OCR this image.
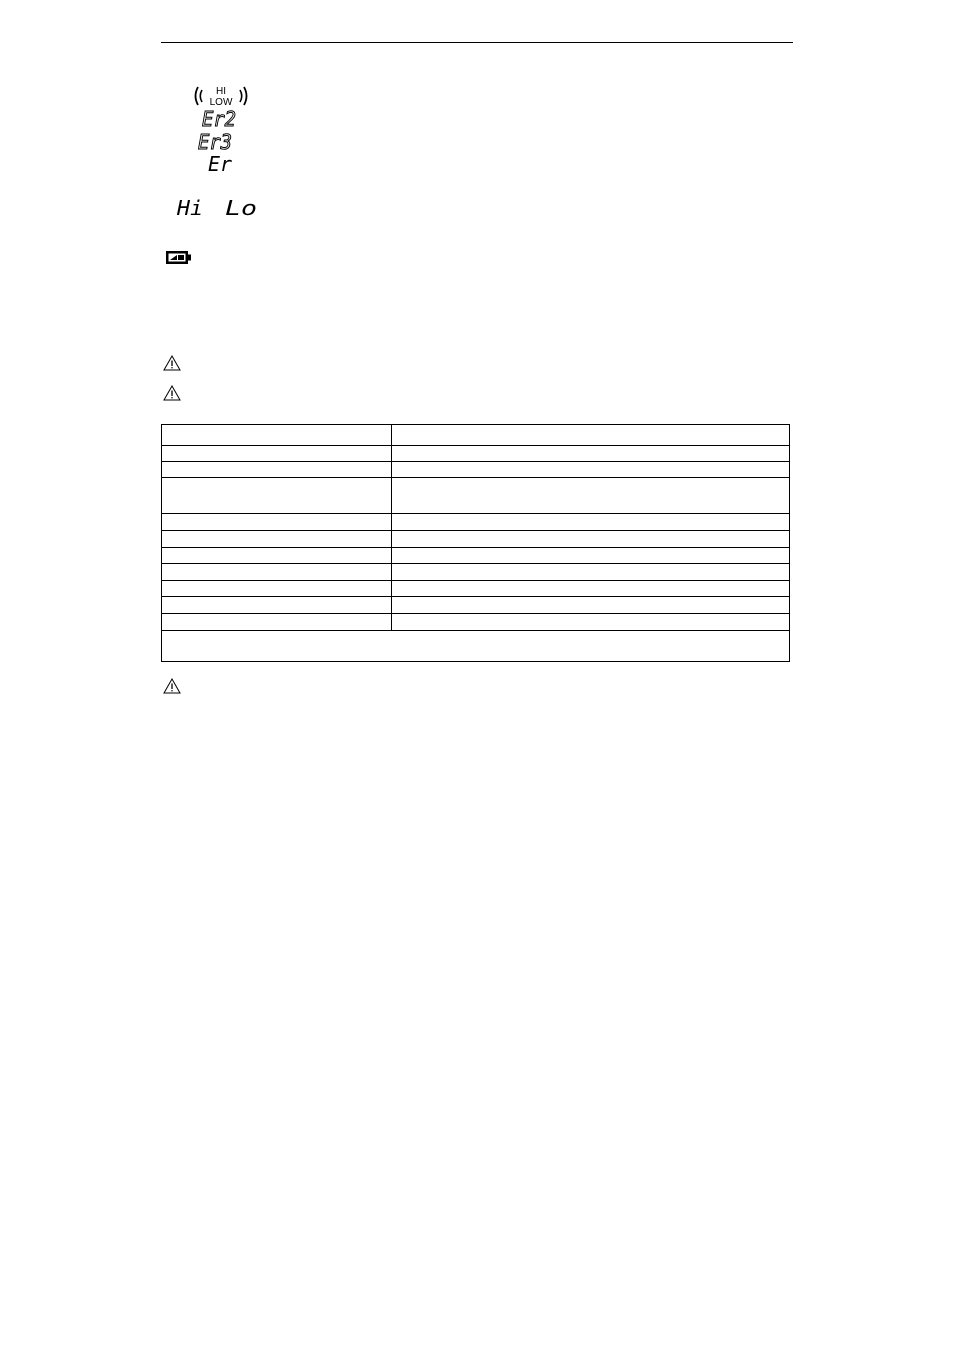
HI
LOW
Er2
Er3
Er
Hi Lo
